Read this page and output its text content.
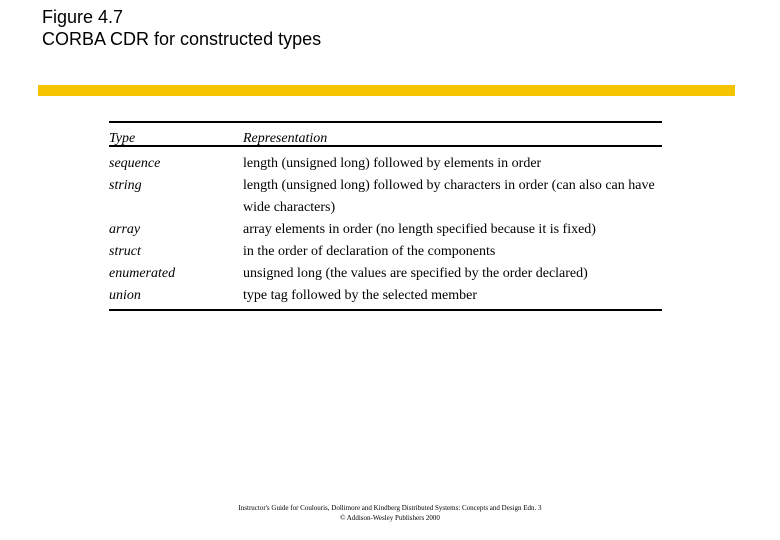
Figure 4.7
CORBA CDR for constructed types
Type	Representation
sequence	length (unsigned long) followed by elements in order
string	length (unsigned long) followed by characters in order (can also can have wide characters)
array	array elements in order (no length specified because it is fixed)
struct	in the order of declaration of the components
enumerated	unsigned long (the values are specified by the order declared)
union	type tag followed by the selected member
Instructor's Guide for Coulouris, Dollimore and Kindberg Distributed Systems: Concepts and Design Edn. 3
© Addison-Wesley Publishers 2000
